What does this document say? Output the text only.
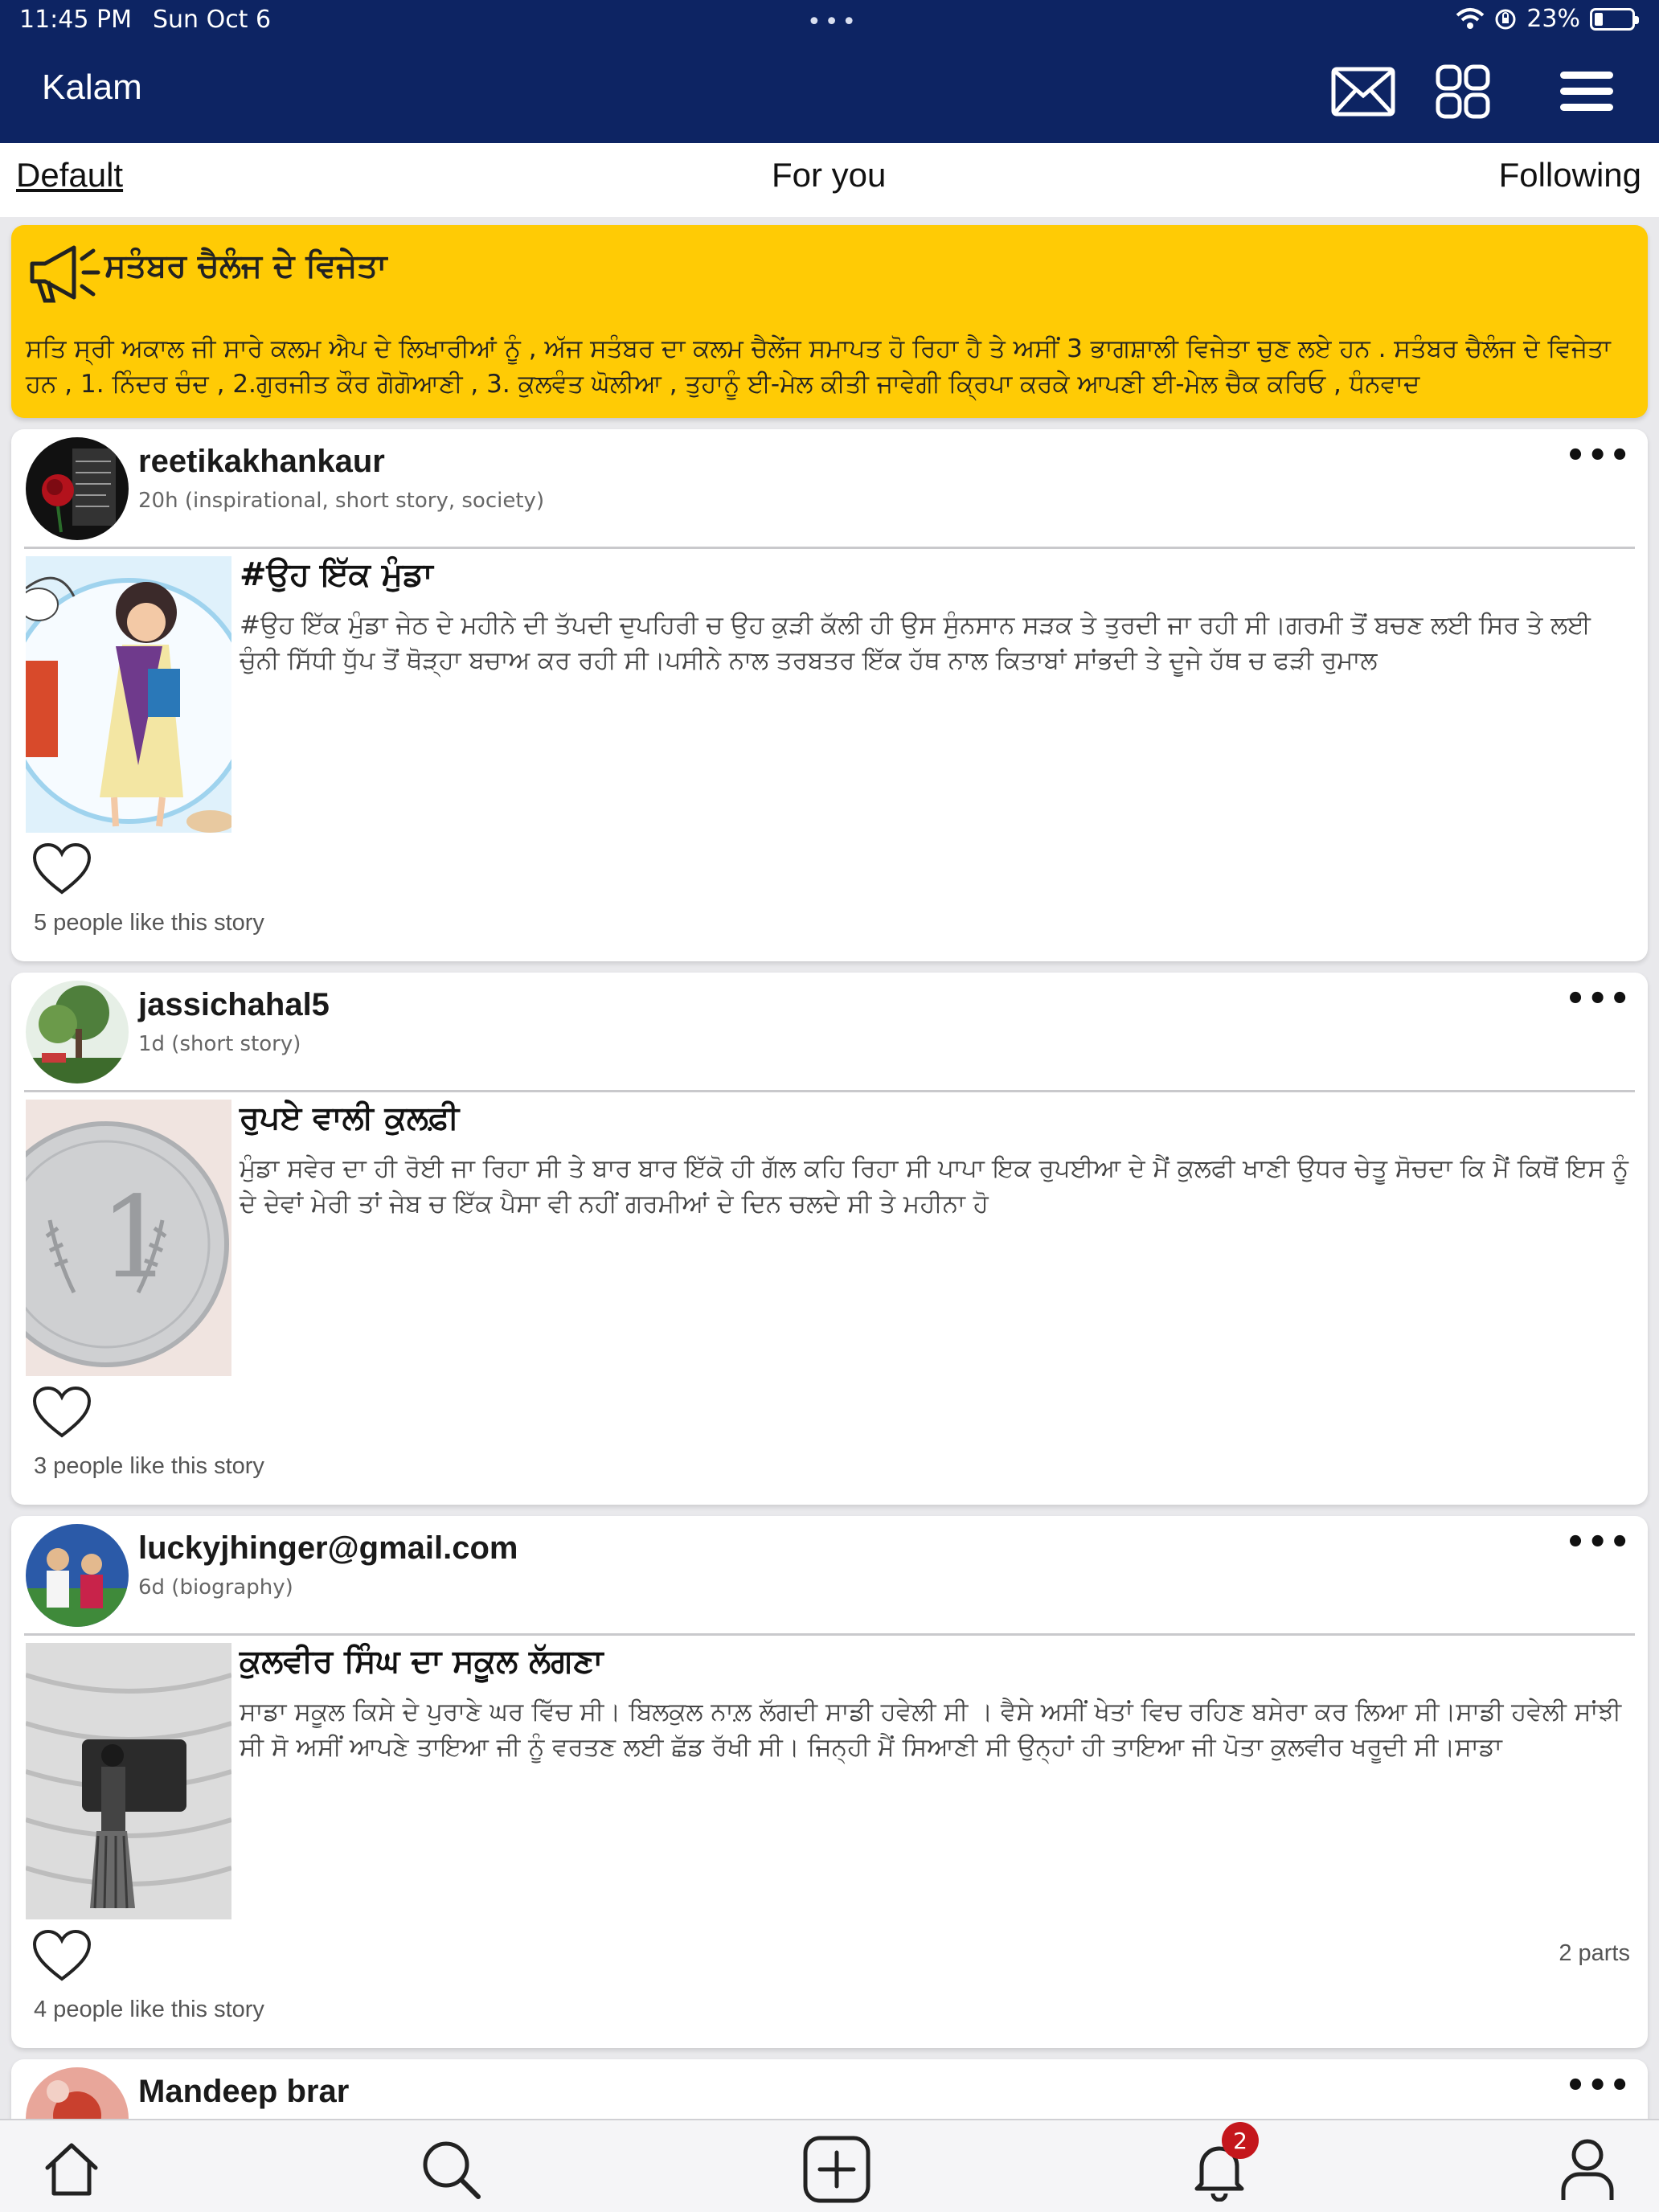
11:45 PM Sun Oct 6	•••	23%
Kalam
Default	For you	Following
ਸਤੰਬਰ ਚੈਲੰਜ ਦੇ ਵਿਜੇਤਾ
ਸਤਿ ਸ੍ਰੀ ਅਕਾਲ ਜੀ ਸਾਰੇ ਕਲਮ ਐਪ ਦੇ ਲਿਖਾਰੀਆਂ ਨੂੰ , ਅੱਜ ਸਤੰਬਰ ਦਾ ਕਲਮ ਚੈਲੇਂਜ ਸਮਾਪਤ ਹੋ ਰਿਹਾ ਹੈ ਤੇ ਅਸੀਂ 3 ਭਾਗਸ਼ਾਲੀ ਵਿਜੇਤਾ ਚੁਣ ਲਏ ਹਨ . ਸਤੰਬਰ ਚੈਲੰਜ ਦੇ ਵਿਜੇਤਾ ਹਨ , 1. ਨਿੰਦਰ ਚੰਦ , 2.ਗੁਰਜੀਤ ਕੌਰ ਗੋਗੋਆਣੀ , 3. ਕੁਲਵੰਤ ਘੋਲੀਆ , ਤੁਹਾਨੂੰ ਈ-ਮੇਲ ਕੀਤੀ ਜਾਵੇਗੀ ਕ੍ਰਿਪਾ ਕਰਕੇ ਆਪਣੀ ਈ-ਮੇਲ ਚੈਕ ਕਰਿਓ , ਧੰਨਵਾਦ
reetikakhankaur
20h (inspirational, short story, society)
•••
#ਉਹ ਇੱਕ ਮੁੰਡਾ
#ਉਹ ਇੱਕ ਮੁੰਡਾ ਜੇਠ ਦੇ ਮਹੀਨੇ ਦੀ ਤੱਪਦੀ ਦੁਪਹਿਰੀ ਚ ਉਹ ਕੁੜੀ ਕੱਲੀ ਹੀ ਉਸ ਸੁੰਨਸਾਨ ਸੜਕ ਤੇ ਤੁਰਦੀ ਜਾ ਰਹੀ ਸੀ।ਗਰਮੀ ਤੋਂ ਬਚਣ ਲਈ ਸਿਰ ਤੇ ਲਈ ਚੁੰਨੀ ਸਿੱਧੀ ਧੁੱਪ ਤੋਂ ਥੋੜ੍ਹਾ ਬਚਾਅ ਕਰ ਰਹੀ ਸੀ।ਪਸੀਨੇ ਨਾਲ ਤਰਬਤਰ ਇੱਕ ਹੱਥ ਨਾਲ ਕਿਤਾਬਾਂ ਸਾਂਭਦੀ ਤੇ ਦੂਜੇ ਹੱਥ ਚ ਫੜੀ ਰੁਮਾਲ
5 people like this story
jassichahal5
1d (short story)
•••
1
ਰੁਪਏ ਵਾਲੀ ਕੁਲਫ਼ੀ
ਮੁੰਡਾ ਸਵੇਰ ਦਾ ਹੀ ਰੋਈ ਜਾ ਰਿਹਾ ਸੀ ਤੇ ਬਾਰ ਬਾਰ ਇੱਕੋ ਹੀ ਗੱਲ ਕਹਿ ਰਿਹਾ ਸੀ ਪਾਪਾ ਇਕ ਰੁਪਈਆ ਦੇ ਮੈਂ ਕੁਲਫੀ ਖਾਣੀ ਉਧਰ ਚੇਤੂ ਸੋਚਦਾ ਕਿ ਮੈਂ ਕਿਥੋਂ ਇਸ ਨੂੰ ਦੇ ਦੇਵਾਂ ਮੇਰੀ ਤਾਂ ਜੇਬ ਚ ਇੱਕ ਪੈਸਾ ਵੀ ਨਹੀਂ ਗਰਮੀਆਂ ਦੇ ਦਿਨ ਚਲਦੇ ਸੀ ਤੇ ਮਹੀਨਾ ਹੋ
3 people like this story
luckyjhinger@gmail.com
6d (biography)
•••
ਕੁਲਵੀਰ ਸਿੰਘ ਦਾ ਸਕੂਲ ਲੱਗਣਾ
ਸਾਡਾ ਸਕੂਲ ਕਿਸੇ ਦੇ ਪੁਰਾਣੇ ਘਰ ਵਿੱਚ ਸੀ। ਬਿਲਕੁਲ ਨਾਲ਼ ਲੱਗਦੀ ਸਾਡੀ ਹਵੇਲੀ ਸੀ । ਵੈਸੇ ਅਸੀਂ ਖੇਤਾਂ ਵਿਚ ਰਹਿਣ ਬਸੇਰਾ ਕਰ ਲਿਆ ਸੀ।ਸਾਡੀ ਹਵੇਲੀ ਸਾਂਝੀ ਸੀ ਸੋ ਅਸੀਂ ਆਪਣੇ ਤਾਇਆ ਜੀ ਨੂੰ ਵਰਤਣ ਲਈ ਛੱਡ ਰੱਖੀ ਸੀ। ਜਿਨ੍ਹੀ ਮੈਂ ਸਿਆਣੀ ਸੀ ਉਨ੍ਹਾਂ ਹੀ ਤਾਇਆ ਜੀ ਪੋਤਾ ਕੁਲਵੀਰ ਖਰੂਦੀ ਸੀ।ਸਾਡਾ
2 parts
4 people like this story
Mandeep brar	•••
2
